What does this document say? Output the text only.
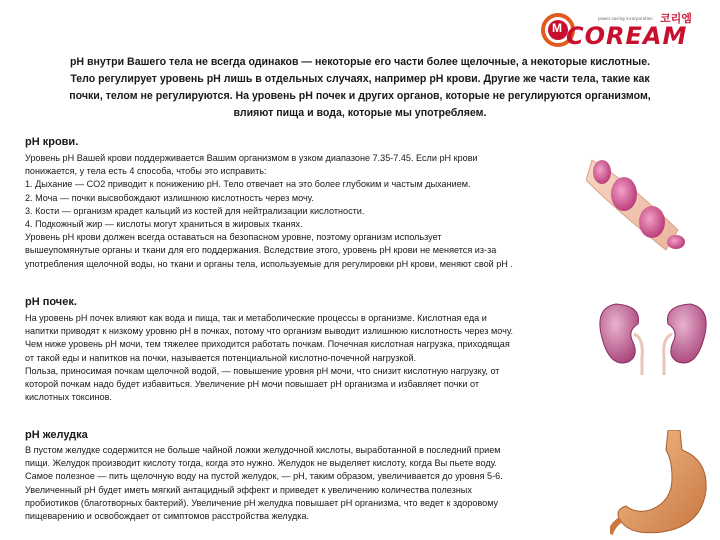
M
power saving incorporation 코리엠
COREAM
pH внутри Вашего тела не всегда одинаков — некоторые его части более щелочные, а некоторые кислотные.
Тело регулирует уровень pH лишь в отдельных случаях, например pH крови. Другие же части тела, такие как
почки, телом не регулируются. На уровень pH почек и других органов, которые не регулируются организмом,
влияют пища и вода, которые мы употребляем.
pH крови.
Уровень pH Вашей крови поддерживается Вашим организмом в узком диапазоне 7.35-7.45. Если pH крови
понижается, у тела есть 4 способа, чтобы это исправить:
1. Дыхание — CO2 приводит к понижению pH. Тело отвечает на это более глубоким и частым дыханием.
2. Моча — почки высвобождают излишнюю кислотность через мочу.
3. Кости — организм крадет кальций из костей для нейтрализации кислотности.
4. Подкожный жир — кислоты могут храниться в жировых тканях.
Уровень pH крови должен всегда оставаться на безопасном уровне, поэтому организм использует
вышеупомянутые органы и ткани для его поддержания. Вследствие этого, уровень pH крови не меняется из-за
употребления щелочной воды, но ткани и органы тела, используемые для регулировки pH крови, меняют свой pH .
pH почек.
На уровень pH почек влияют как вода и пища, так и метаболические процессы в организме. Кислотная еда и
напитки приводят к низкому уровню pH в почках, потому что организм выводит излишнюю кислотность через мочу.
Чем ниже уровень pH мочи, тем тяжелее приходится работать почкам. Почечная кислотная нагрузка, приходящая
от такой еды и напитков на почки, называется потенциальной кислотно-почечной нагрузкой.
Польза, приносимая почкам щелочной водой, — повышение уровня pH мочи, что снизит кислотную нагрузку, от
которой почкам надо будет избавиться. Увеличение pH мочи повышает pH организма и избавляет почки от
кислотных токсинов.
pH желудка
В пустом желудке содержится не больше чайной ложки желудочной кислоты, выработанной в последний прием
пищи. Желудок производит кислоту тогда, когда это нужно. Желудок не выделяет кислоту, когда Вы пьете воду.
Самое полезное — пить щелочную воду на пустой желудок, — pH, таким образом, увеличивается до уровня 5-6.
Увеличенный pH будет иметь мягкий антацидный эффект и приведет к увеличению количества полезных
пробиотиков (благотворных бактерий). Увеличение pH желудка повышает pH организма, что ведет к здоровому
пищеварению и освобождает от симптомов расстройства желудка.
